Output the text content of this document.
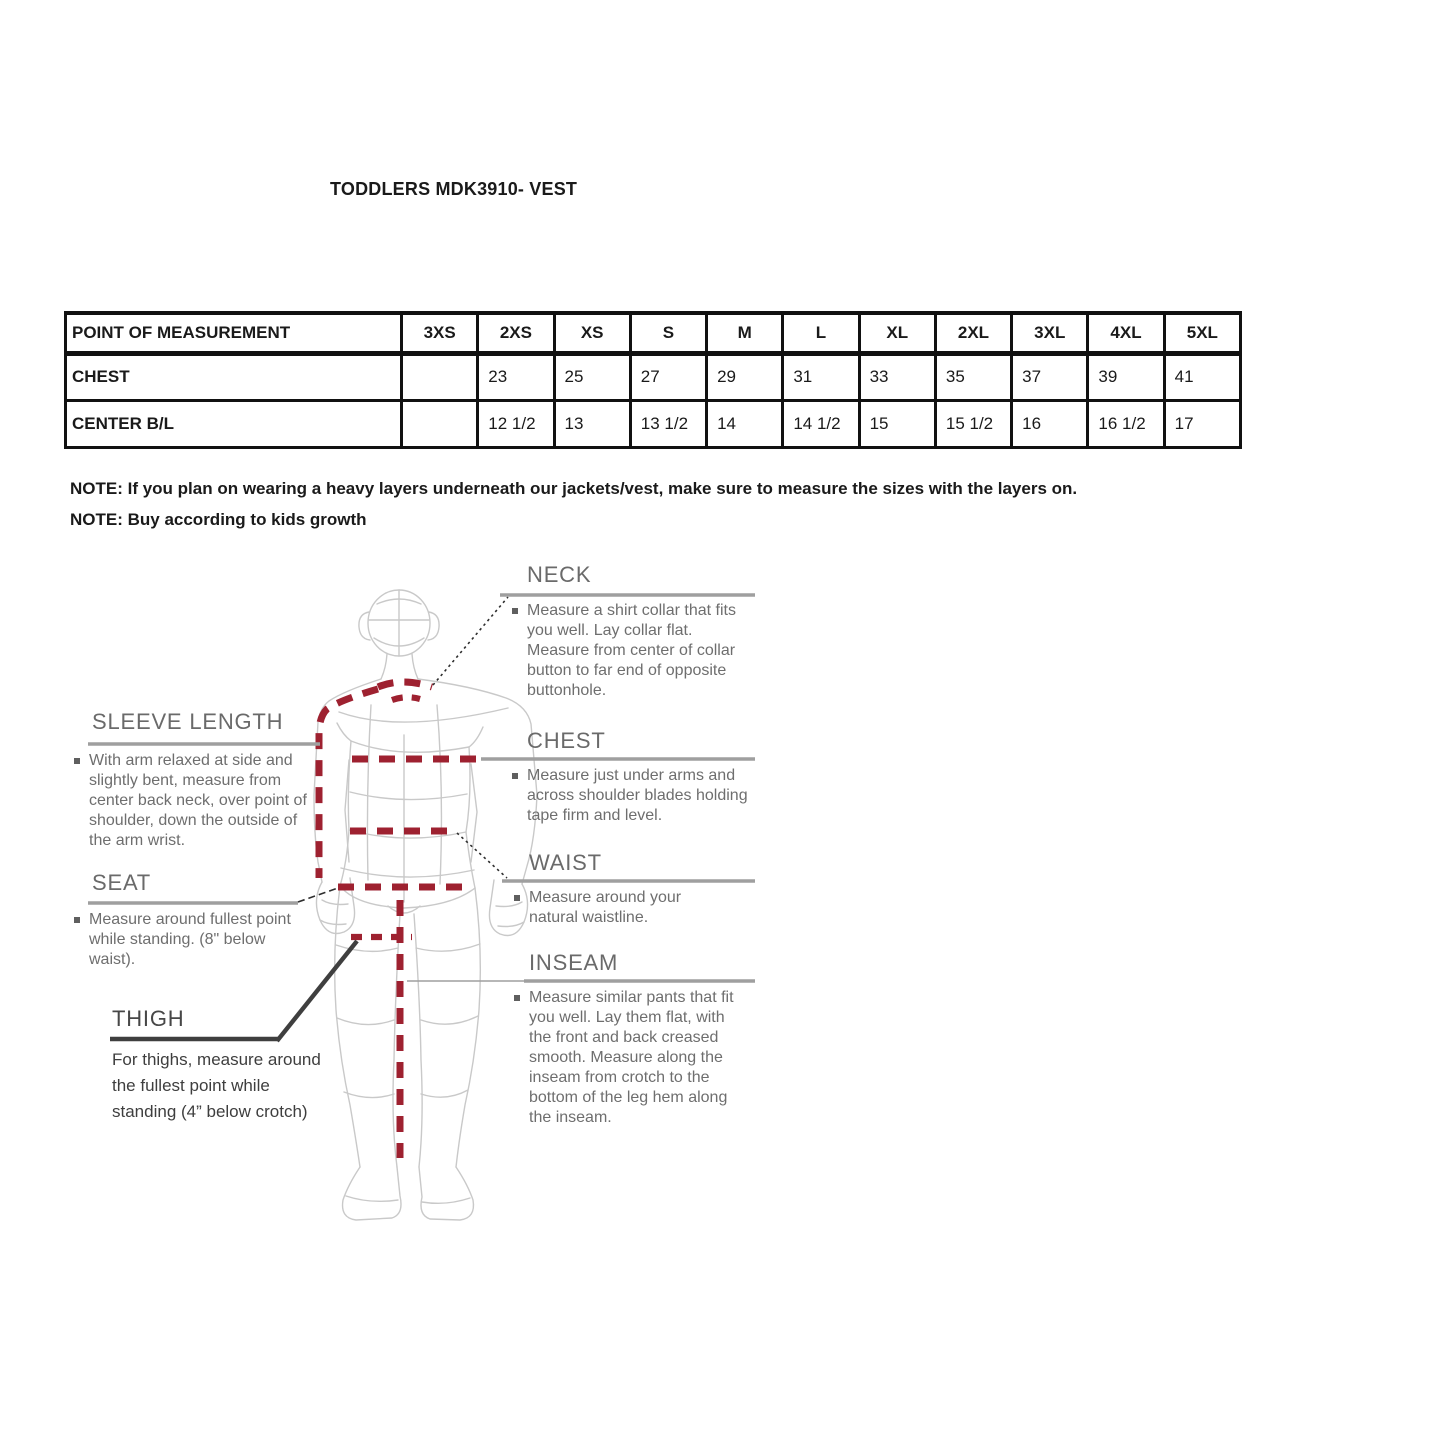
TODDLERS MDK3910- VEST
POINT OF MEASUREMENT	3XS	2XS	XS	S	M	L	XL	2XL	3XL	4XL	5XL
CHEST		23	25	27	29	31	33	35	37	39	41
CENTER B/L		12 1/2	13	13 1/2	14	14 1/2	15	15 1/2	16	16 1/2	17
NOTE: If you plan on wearing a heavy layers underneath our jackets/vest, make sure to measure the sizes with the layers on.
NOTE: Buy according to kids growth
NECK
Measure a shirt collar that fits you well. Lay collar flat. Measure from center of collar button to far end of opposite buttonhole.
CHEST
Measure just under arms and across shoulder blades holding tape firm and level.
WAIST
Measure around your natural waistline.
INSEAM
Measure similar pants that fit you well. Lay them flat, with the front and back creased smooth. Measure along the inseam from crotch to the bottom of the leg hem along the inseam.
SLEEVE LENGTH
With arm relaxed at side and slightly bent, measure from center back neck, over point of shoulder, down the outside of the arm wrist.
SEAT
Measure around fullest point while standing. (8" below waist).
THIGH
For thighs, measure around the fullest point while standing (4” below crotch)
